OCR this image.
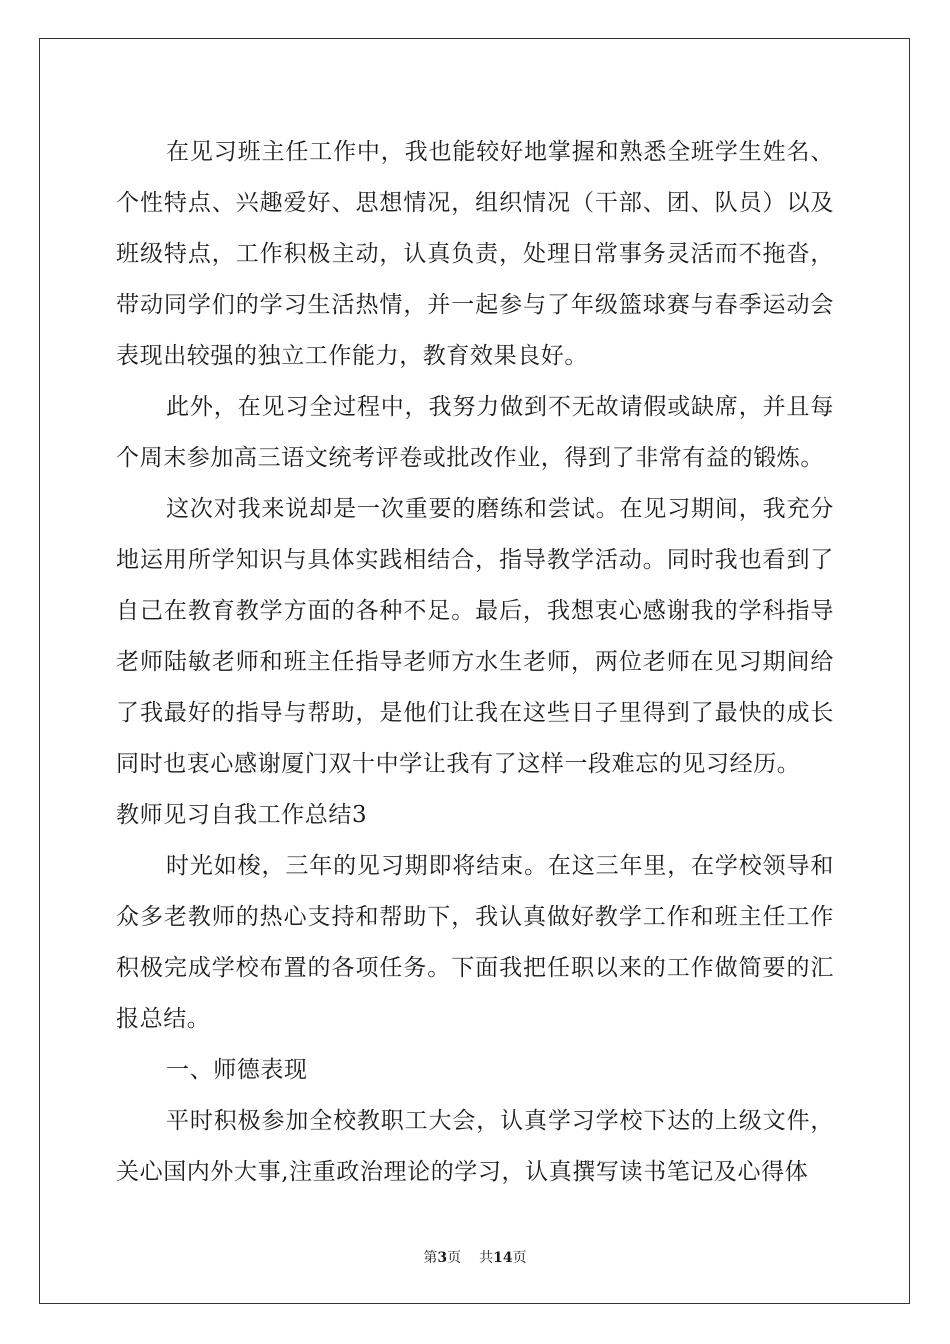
在见习班主任工作中，我也能较好地掌握和熟悉全班学生姓名、个性特点、兴趣爱好、思想情况，组织情况（干部、团、队员）以及班级特点，工作积极主动，认真负责，处理日常事务灵活而不拖沓，带动同学们的学习生活热情，并一起参与了年级篮球赛与春季运动会表现出较强的独立工作能力，教育效果良好。

此外，在见习全过程中，我努力做到不无故请假或缺席，并且每个周末参加高三语文统考评卷或批改作业，得到了非常有益的锻炼。

这次对我来说却是一次重要的磨练和尝试。在见习期间，我充分地运用所学知识与具体实践相结合，指导教学活动。同时我也看到了自己在教育教学方面的各种不足。最后，我想衷心感谢我的学科指导老师陆敏老师和班主任指导老师方水生老师，两位老师在见习期间给了我最好的指导与帮助，是他们让我在这些日子里得到了最快的成长同时也衷心感谢厦门双十中学让我有了这样一段难忘的见习经历。

教师见习自我工作总结3

时光如梭，三年的见习期即将结束。在这三年里，在学校领导和众多老教师的热心支持和帮助下，我认真做好教学工作和班主任工作积极完成学校布置的各项任务。下面我把任职以来的工作做简要的汇报总结。

一、师德表现

平时积极参加全校教职工大会，认真学习学校下达的上级文件，关心国内外大事,注重政治理论的学习，认真撰写读书笔记及心得体

第3页 共14页
